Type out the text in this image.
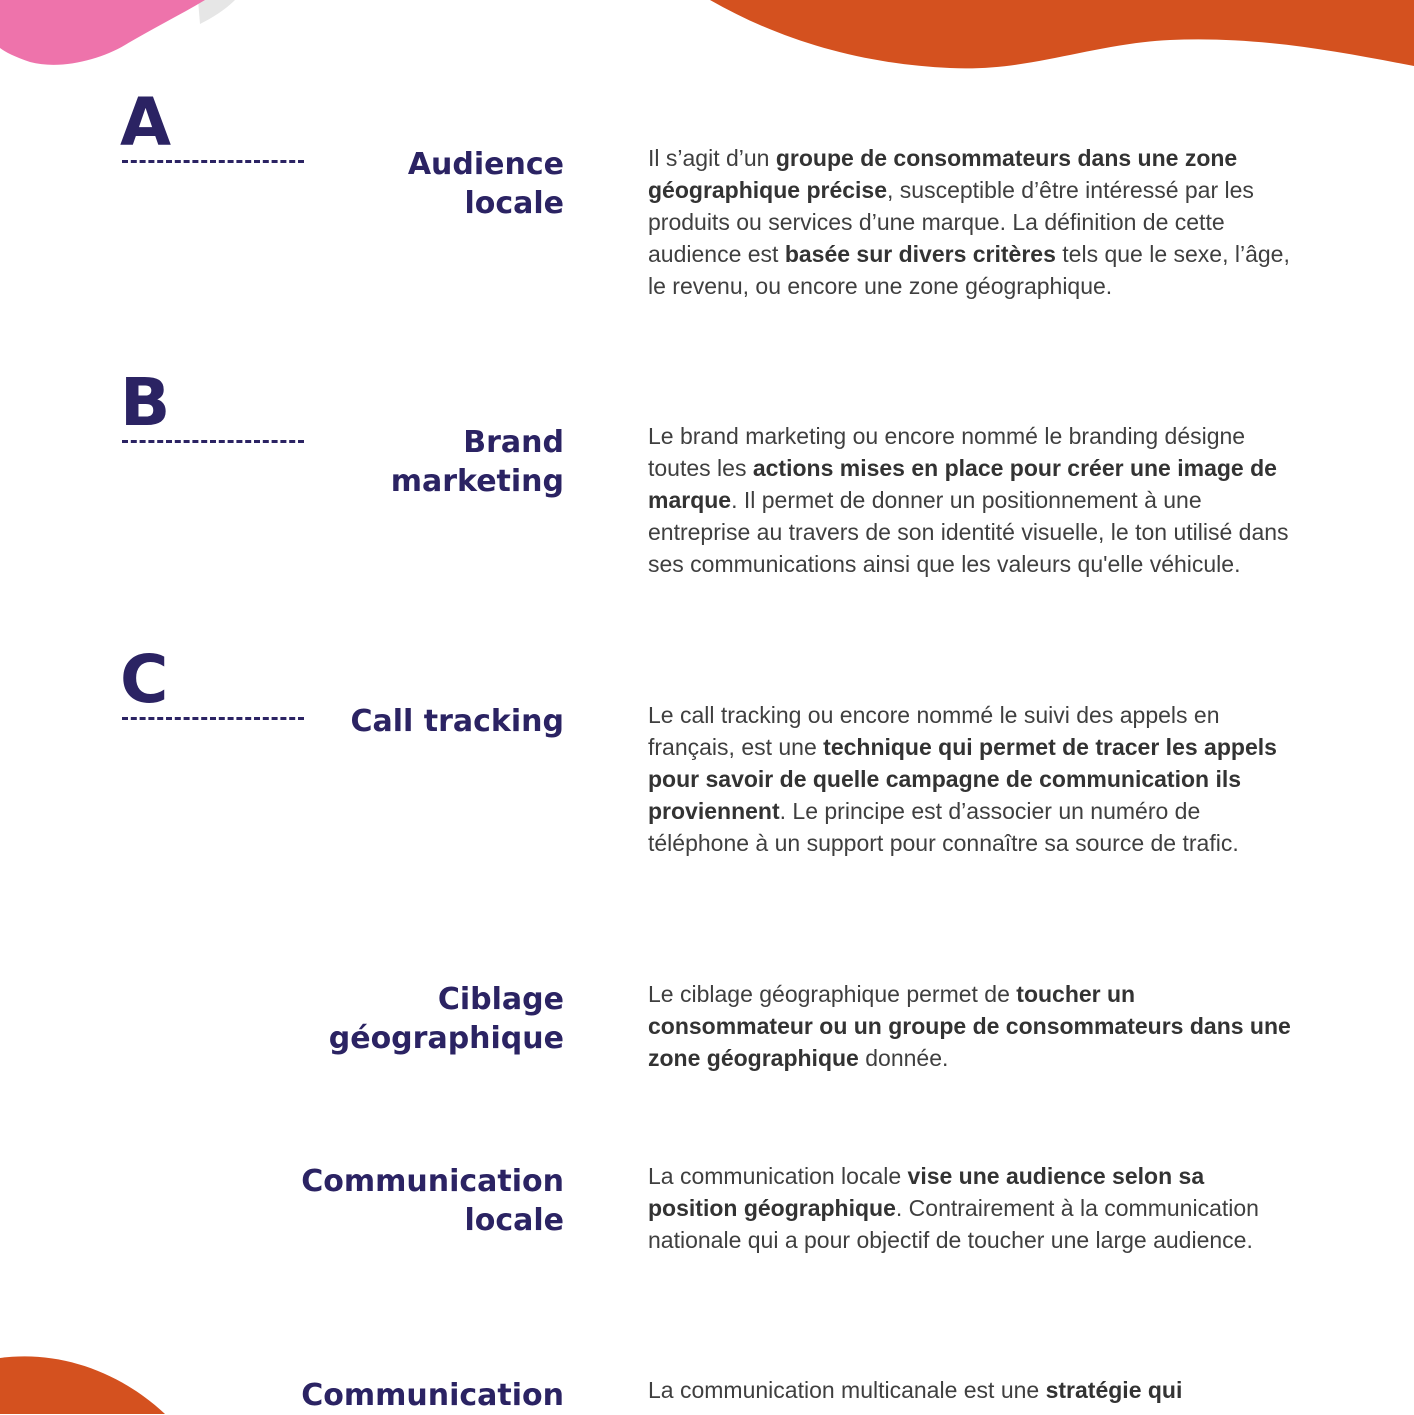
A
B
C
Audience
locale

Il s’agit d’un groupe de consommateurs dans une zone géographique précise, susceptible d’être intéressé par les produits ou services d’une marque. La définition de cette audience est basée sur divers critères tels que le sexe, l’âge, le revenu, ou encore une zone géographique.

Brand
marketing

Le brand marketing ou encore nommé le branding désigne toutes les actions mises en place pour créer une image de marque. Il permet de donner un positionnement à une entreprise au travers de son identité visuelle, le ton utilisé dans ses communications ainsi que les valeurs qu'elle véhicule.

Call tracking	Le call tracking ou encore nommé le suivi des appels en français, est une technique qui permet de tracer les appels pour savoir de quelle campagne de communication ils proviennent. Le principe est d’associer un numéro de téléphone à un support pour connaître sa source de trafic.

Ciblage
géographique

Le ciblage géographique permet de toucher un consommateur ou un groupe de consommateurs dans une zone géographique donnée.

Communication
locale

La communication locale vise une audience selon sa position géographique. Contrairement à la communication nationale qui a pour objectif de toucher une large audience.

Communication	La communication multicanale est une stratégie qui
